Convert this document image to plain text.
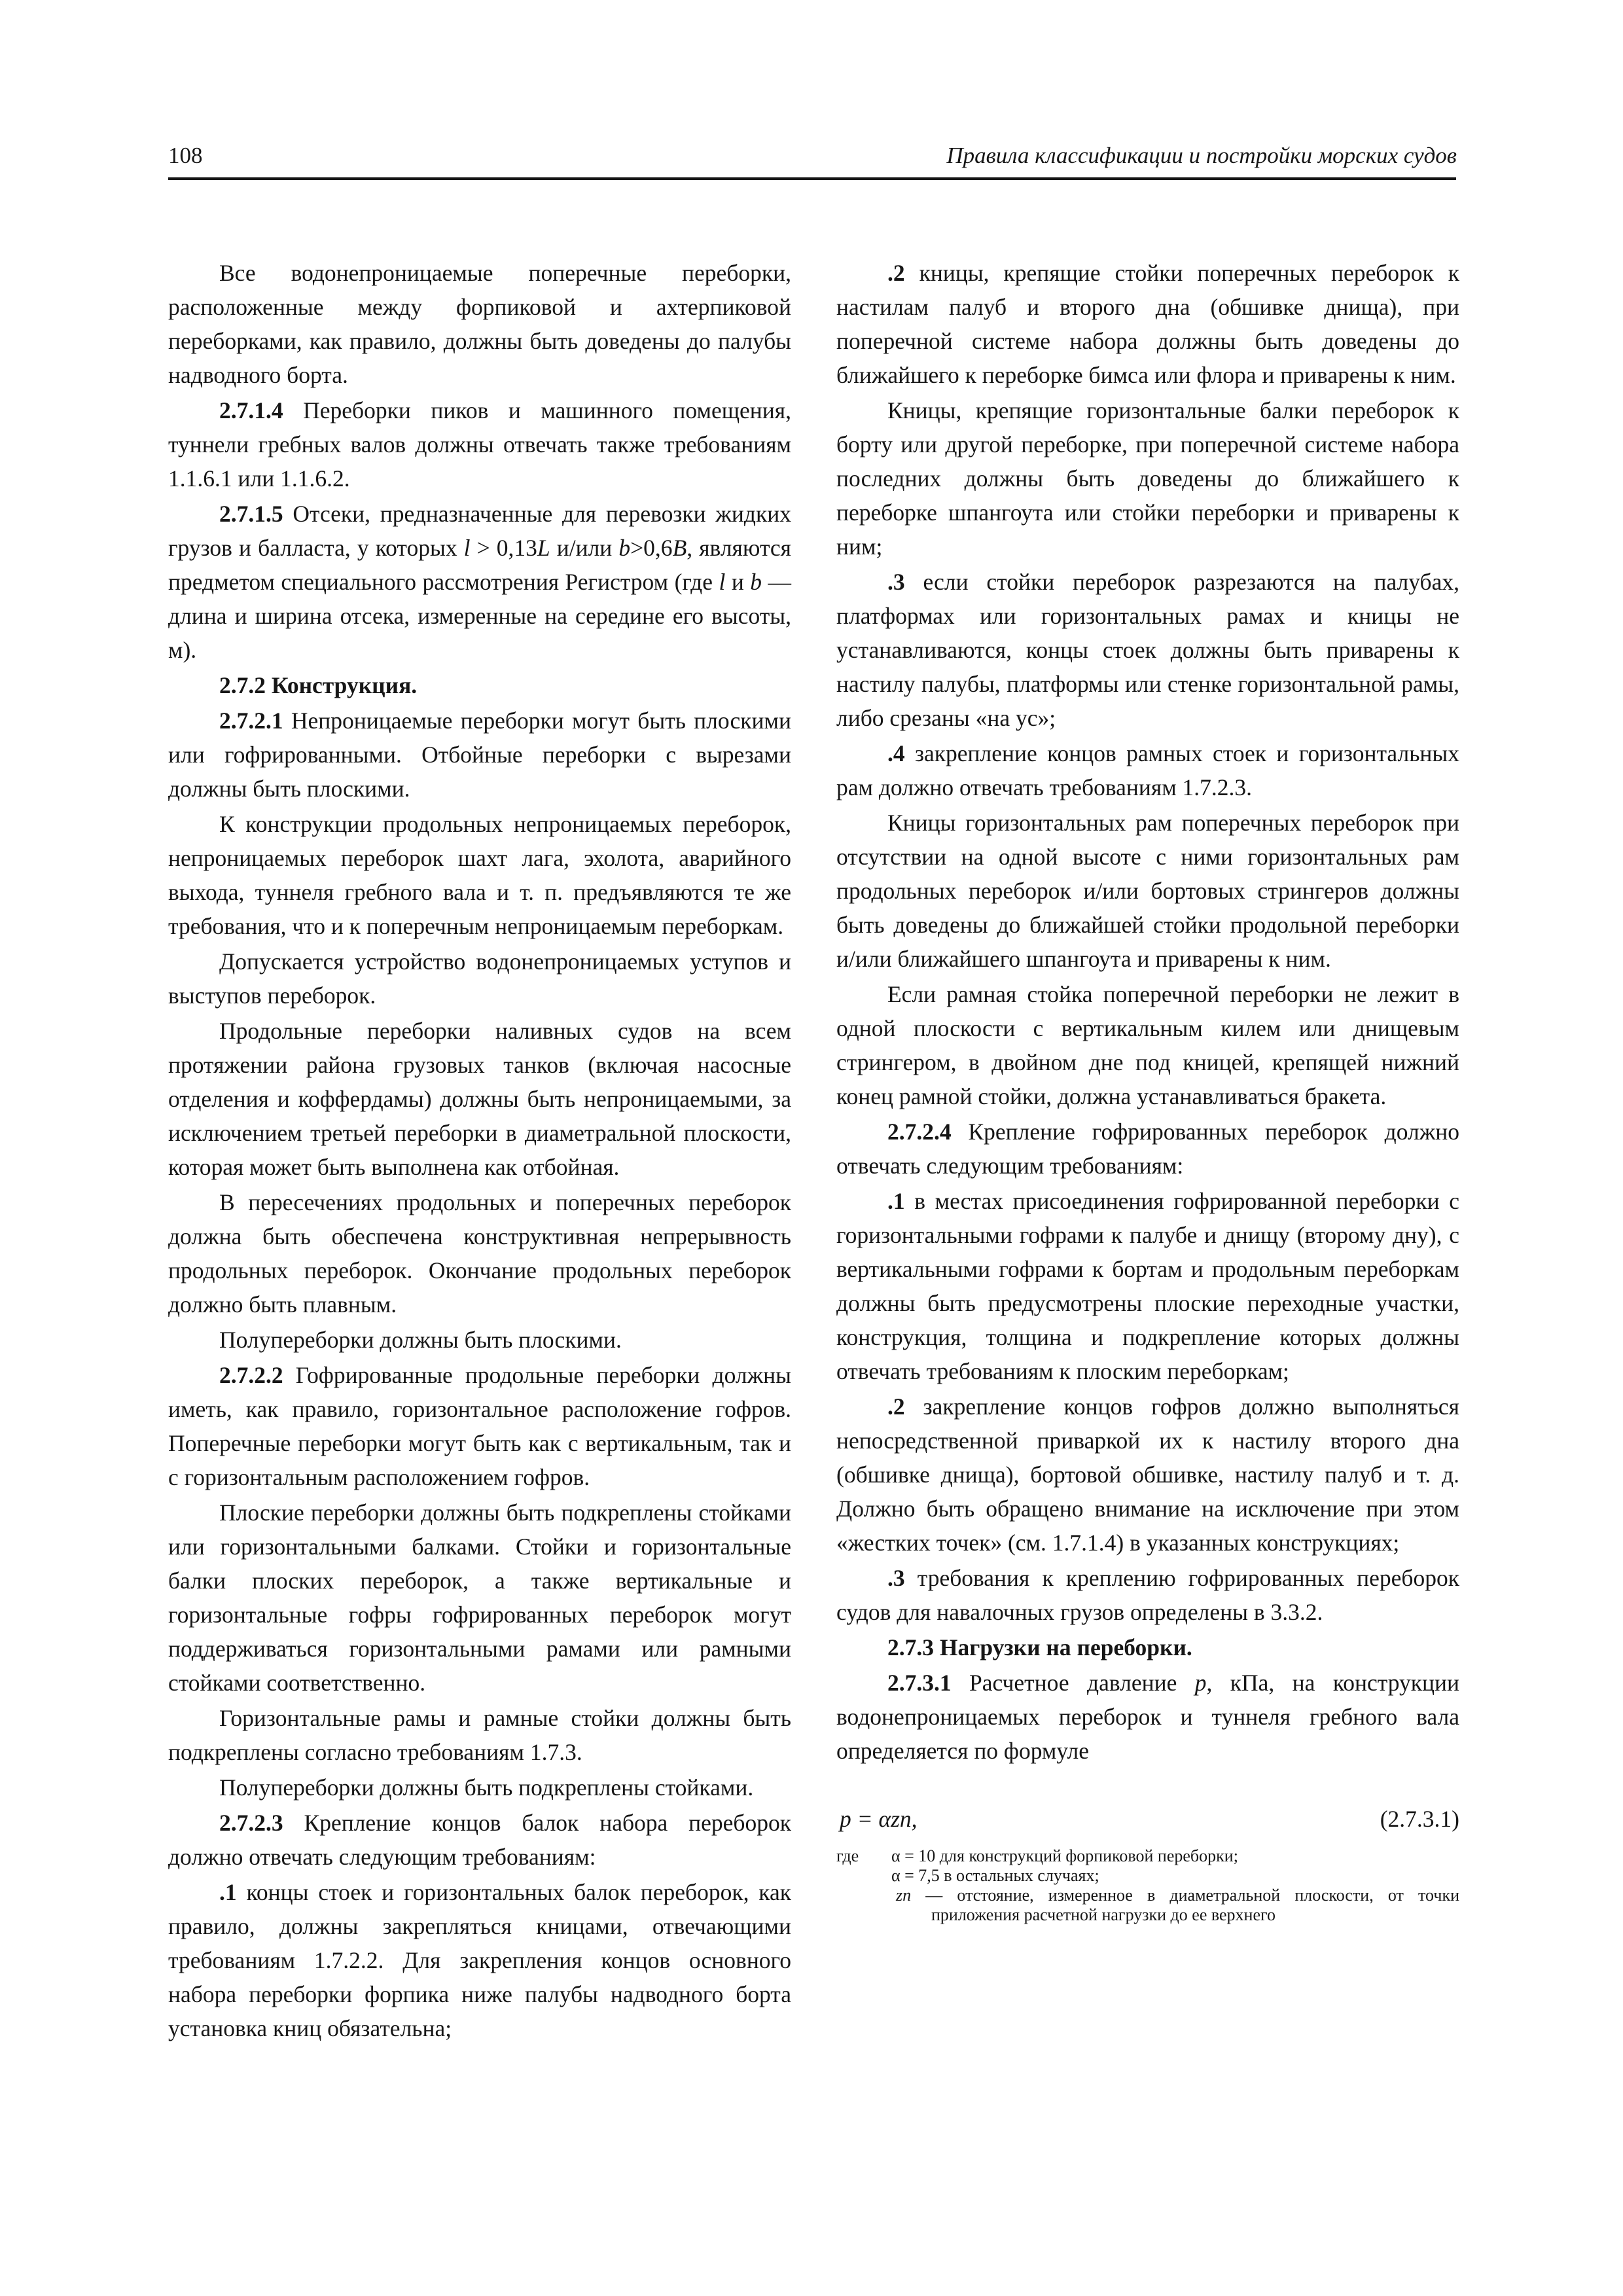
108	Правила классификации и постройки морских судов

Все водонепроницаемые поперечные переборки, расположенные между форпиковой и ахтерпиковой переборками, как правило, должны быть доведены до палубы надводного борта.

2.7.1.4 Переборки пиков и машинного помещения, туннели гребных валов должны отвечать также требованиям 1.1.6.1 или 1.1.6.2.

2.7.1.5 Отсеки, предназначенные для перевозки жидких грузов и балласта, у которых l > 0,13L и/или b>0,6B, являются предметом специального рассмотрения Регистром (где l и b — длина и ширина отсека, измеренные на середине его высоты, м).

2.7.2 Конструкция.

2.7.2.1 Непроницаемые переборки могут быть плоскими или гофрированными. Отбойные переборки с вырезами должны быть плоскими.

К конструкции продольных непроницаемых переборок, непроницаемых переборок шахт лага, эхолота, аварийного выхода, туннеля гребного вала и т. п. предъявляются те же требования, что и к поперечным непроницаемым переборкам.

Допускается устройство водонепроницаемых уступов и выступов переборок.

Продольные переборки наливных судов на всем протяжении района грузовых танков (включая насосные отделения и коффердамы) должны быть непроницаемыми, за исключением третьей переборки в диаметральной плоскости, которая может быть выполнена как отбойная.

В пересечениях продольных и поперечных переборок должна быть обеспечена конструктивная непрерывность продольных переборок. Окончание продольных переборок должно быть плавным.

Полупереборки должны быть плоскими.

2.7.2.2 Гофрированные продольные переборки должны иметь, как правило, горизонтальное расположение гофров. Поперечные переборки могут быть как с вертикальным, так и с горизонтальным расположением гофров.

Плоские переборки должны быть подкреплены стойками или горизонтальными балками. Стойки и горизонтальные балки плоских переборок, а также вертикальные и горизонтальные гофры гофрированных переборок могут поддерживаться горизонтальными рамами или рамными стойками соответственно.

Горизонтальные рамы и рамные стойки должны быть подкреплены согласно требованиям 1.7.3.

Полупереборки должны быть подкреплены стойками.

2.7.2.3 Крепление концов балок набора переборок должно отвечать следующим требованиям:

.1 концы стоек и горизонтальных балок переборок, как правило, должны закрепляться кницами, отвечающими требованиям 1.7.2.2. Для закрепления концов основного набора переборки форпика ниже палубы надводного борта установка книц обязательна;

.2 кницы, крепящие стойки поперечных переборок к настилам палуб и второго дна (обшивке днища), при поперечной системе набора должны быть доведены до ближайшего к переборке бимса или флора и приварены к ним.

Кницы, крепящие горизонтальные балки переборок к борту или другой переборке, при поперечной системе набора последних должны быть доведены до ближайшего к переборке шпангоута или стойки переборки и приварены к ним;

.3 если стойки переборок разрезаются на палубах, платформах или горизонтальных рамах и кницы не устанавливаются, концы стоек должны быть приварены к настилу палубы, платформы или стенке горизонтальной рамы, либо срезаны «на ус»;

.4 закрепление концов рамных стоек и горизонтальных рам должно отвечать требованиям 1.7.2.3.

Кницы горизонтальных рам поперечных переборок при отсутствии на одной высоте с ними горизонтальных рам продольных переборок и/или бортовых стрингеров должны быть доведены до ближайшей стойки продольной переборки и/или ближайшего шпангоута и приварены к ним.

Если рамная стойка поперечной переборки не лежит в одной плоскости с вертикальным килем или днищевым стрингером, в двойном дне под кницей, крепящей нижний конец рамной стойки, должна устанавливаться бракета.

2.7.2.4 Крепление гофрированных переборок должно отвечать следующим требованиям:

.1 в местах присоединения гофрированной переборки с горизонтальными гофрами к палубе и днищу (второму дну), с вертикальными гофрами к бортам и продольным переборкам должны быть предусмотрены плоские переходные участки, конструкция, толщина и подкрепление которых должны отвечать требованиям к плоским переборкам;

.2 закрепление концов гофров должно выполняться непосредственной приваркой их к настилу второго дна (обшивке днища), бортовой обшивке, настилу палуб и т. д. Должно быть обращено внимание на исключение при этом «жестких точек» (см. 1.7.1.4) в указанных конструкциях;

.3 требования к креплению гофрированных переборок судов для навалочных грузов определены в 3.3.2.

2.7.3 Нагрузки на переборки.

2.7.3.1 Расчетное давление p, кПа, на конструкции водонепроницаемых переборок и туннеля гребного вала определяется по формуле

p = αzп,	(2.7.3.1)
где	α = 10 для конструкций форпиковой переборки;
α = 7,5 в остальных случаях;
zп — отстояние, измеренное в диаметральной плоскости, от точки приложения расчетной нагрузки до ее верхнего
